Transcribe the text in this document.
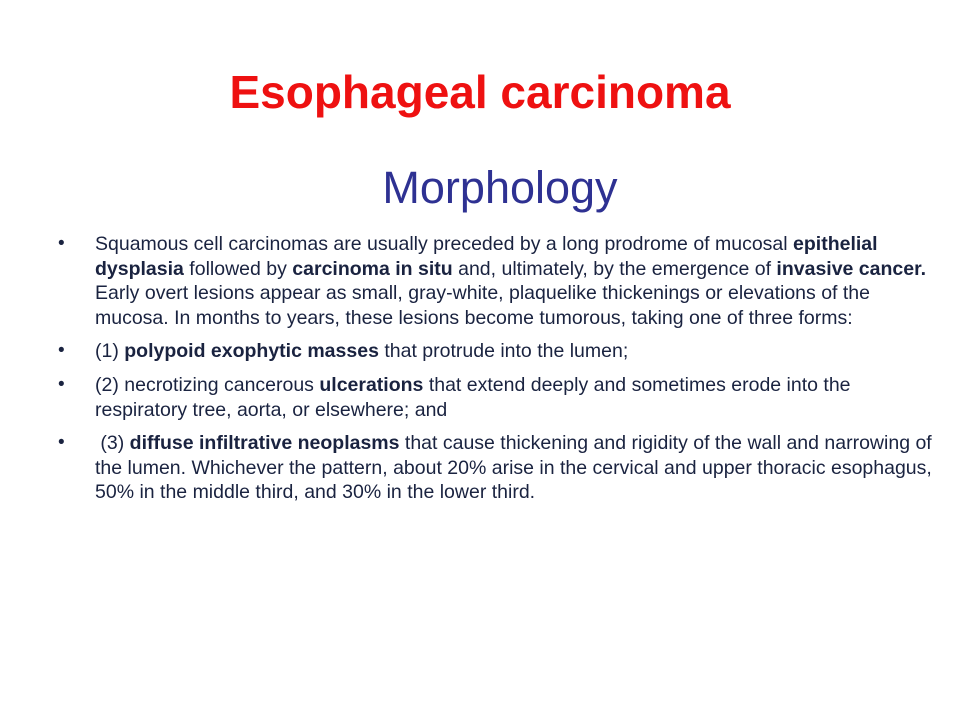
Esophageal carcinoma
Morphology
•	Squamous cell carcinomas are usually preceded by a long prodrome of mucosal epithelial dysplasia followed by carcinoma in situ and, ultimately, by the emergence of invasive cancer. Early overt lesions appear as small, gray-white, plaquelike thickenings or elevations of the mucosa. In months to years, these lesions become tumorous, taking one of three forms:
•	(1) polypoid exophytic masses that protrude into the lumen;
•	(2) necrotizing cancerous ulcerations that extend deeply and sometimes erode into the respiratory tree, aorta, or elsewhere; and
•	(3) diffuse infiltrative neoplasms that cause thickening and rigidity of the wall and narrowing of the lumen. Whichever the pattern, about 20% arise in the cervical and upper thoracic esophagus, 50% in the middle third, and 30% in the lower third.
